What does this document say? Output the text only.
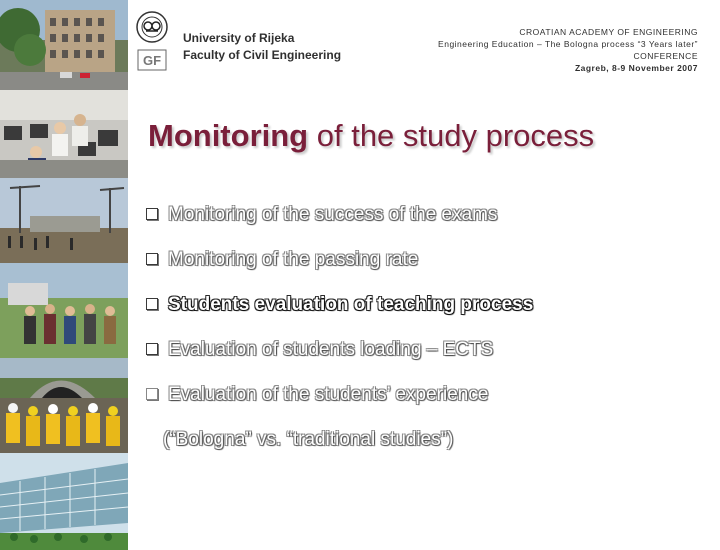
GF
University of Rijeka
Faculty of Civil Engineering
CROATIAN ACADEMY OF ENGINEERING
Engineering Education – The Bologna process “3 Years later”
CONFERENCE
Zagreb, 8-9 November 2007
Monitoring of the study process
Monitoring of the success of the exams
Monitoring of the passing rate
Students evaluation of teaching process
Evaluation of students loading – ECTS
Evaluation of the students’ experience
(“Bologna” vs. “traditional studies”)
